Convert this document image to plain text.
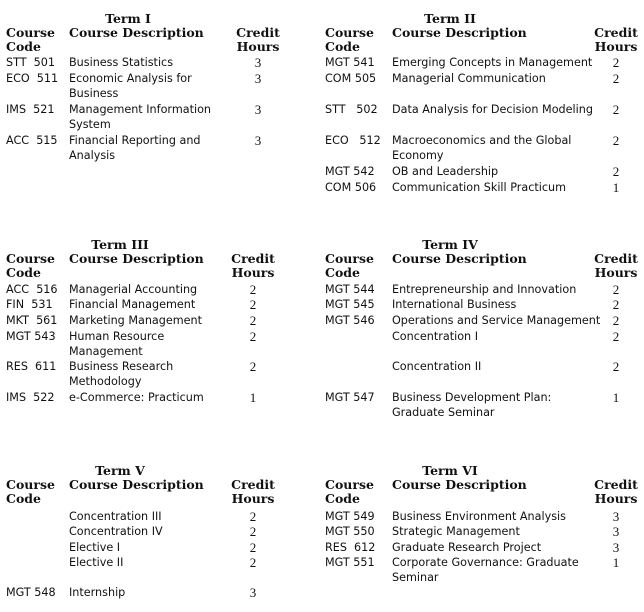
Term I
Course
Code
Course Description	Credit
Hours
STT  501 Business Statistics	3
ECO  511 Economic Analysis for
Business
3
IMS  521 Management Information
System
3
ACC  515 Financial Reporting and
Analysis
3
Term II
Course
Code
Course Description	Credit
Hours
MGT 541 Emerging Concepts in Management	2
COM 505 Managerial Communication	2
STT   502 Data Analysis for Decision Modeling	2
ECO   512 Macroeconomics and the Global
Economy
2
MGT 542 OB and Leadership	2
COM 506 Communication Skill Practicum	1
Term III
Course
Code
Course Description	Credit
Hours
ACC  516 Managerial Accounting	2
FIN  531 Financial Management	2
MKT  561 Marketing Management	2
MGT 543 Human Resource
Management
2
RES  611 Business Research
Methodology
2
IMS  522 e-Commerce: Practicum	1
Term IV
Course
Code
Course Description	Credit
Hours
MGT 544 Entrepreneurship and Innovation	2
MGT 545 International Business	2
MGT 546 Operations and Service Management 2
Concentration I	2
Concentration II	2
MGT 547 Business Development Plan:
Graduate Seminar
1
Term V
Course
Code
Course Description	Credit
Hours
Concentration III	2
Concentration IV	2
Elective I	2
Elective II	2
MGT 548 Internship	3
Term VI
Course
Code
Course Description	Credit
Hours
MGT 549 Business Environment Analysis	3
MGT 550 Strategic Management	3
RES  612 Graduate Research Project	3
MGT 551 Corporate Governance: Graduate
Seminar
1
